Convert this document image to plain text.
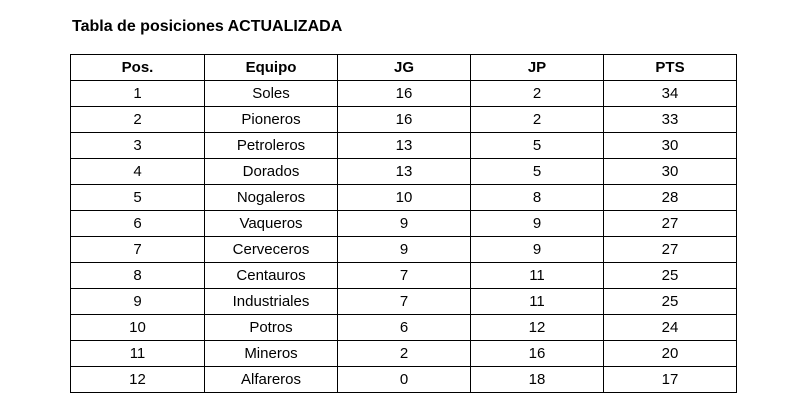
Tabla de posiciones ACTUALIZADA
Pos.	Equipo	JG	JP	PTS
1	Soles	16	2	34
2	Pioneros	16	2	33
3	Petroleros	13	5	30
4	Dorados	13	5	30
5	Nogaleros	10	8	28
6	Vaqueros	9	9	27
7	Cerveceros	9	9	27
8	Centauros	7	11	25
9	Industriales	7	11	25
10	Potros	6	12	24
11	Mineros	2	16	20
12	Alfareros	0	18	17
